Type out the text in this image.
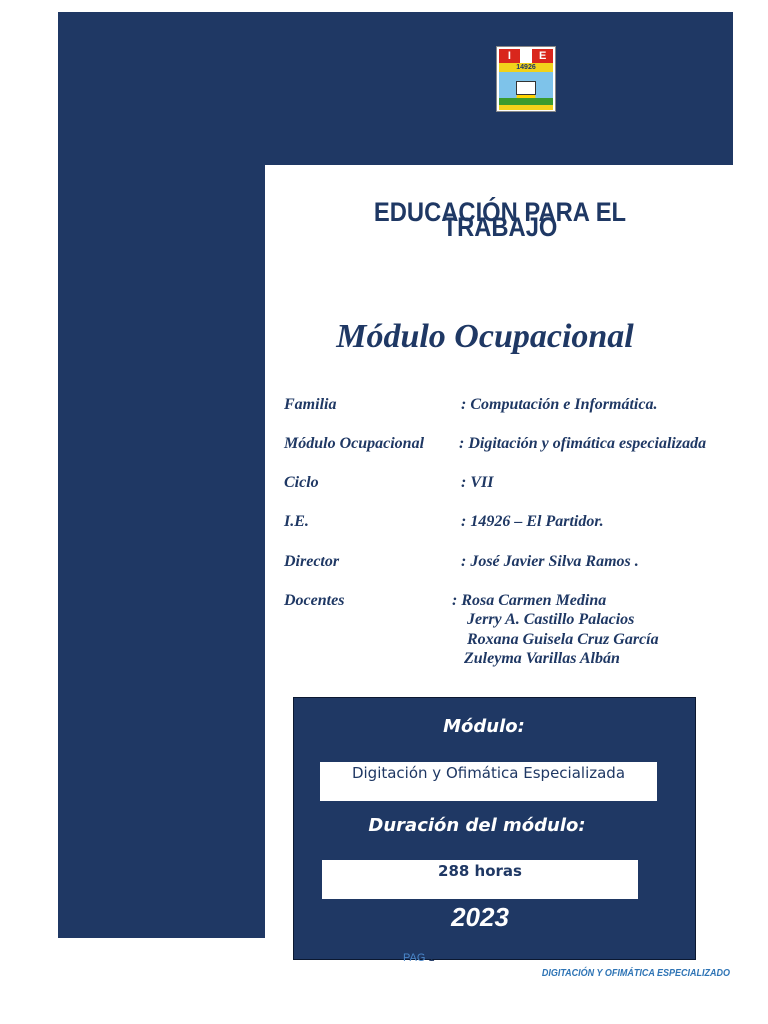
I	E
14926
EDUCACIÓN PARA EL TRABAJO
Módulo Ocupacional
Familia	: Computación e Informática.
Módulo Ocupacional : Digitación y ofimática especializada
Ciclo	: VII
I.E.	: 14926 – El Partidor.
Director	: José Javier Silva Ramos .
Docentes	: Rosa Carmen Medina
Jerry A. Castillo Palacios
Roxana Guisela Cruz García
Zuleyma Varillas Albán
Módulo:
Digitación y Ofimática Especializada
Duración del módulo:
288 horas
2023
PAG 1
DIGITACIÓN Y OFIMÁTICA ESPECIALIZADO
